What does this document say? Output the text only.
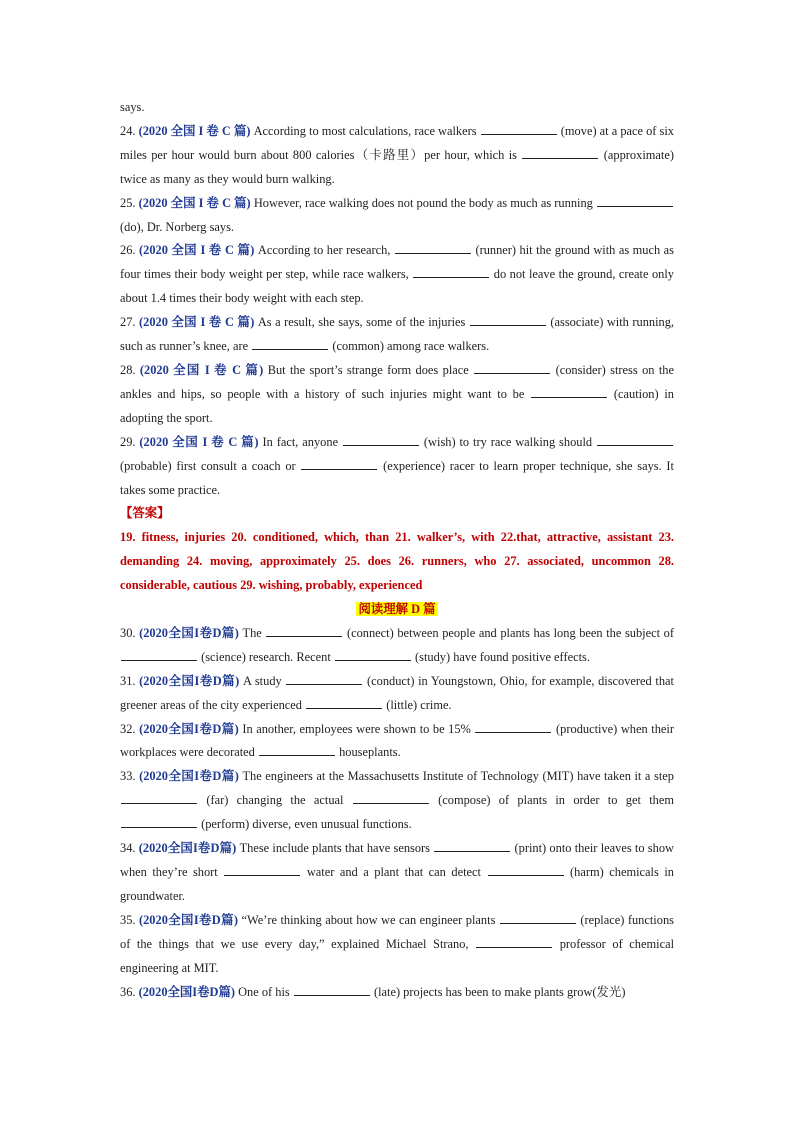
says.

24. (2020 全国 I 卷 C 篇) According to most calculations, race walkers	(move) at a pace of six miles per hour would burn about 800 calories（卡路里）per hour, which is	(approximate) twice as many as they would burn walking.

25. (2020 全国 I 卷 C 篇) However, race walking does not pound the body as much as running  (do), Dr. Norberg says.

26. (2020 全国 I 卷 C 篇) According to her research,	(runner) hit the ground with as much as four times their body weight per step, while race walkers,	do not leave the ground, create only about 1.4 times their body weight with each step.

27. (2020 全国 I 卷 C 篇) As a result, she says, some of the injuries	(associate) with running, such as runner’s knee, are	(common) among race walkers.

28. (2020 全国 I 卷 C 篇) But the sport’s strange form does place	(consider) stress on the ankles and hips, so people with a history of such injuries might want to be	(caution) in adopting the sport.

29. (2020 全国 I 卷 C 篇) In fact, anyone	(wish) to try race walking should  (probable) first consult a coach or	(experience) racer to learn proper technique, she says. It takes some practice.

【答案】

19. fitness, injuries 20. conditioned, which, than 21. walker’s, with 22.that, attractive, assistant 23. demanding 24. moving, approximately 25. does 26. runners, who 27. associated, uncommon 28. considerable, cautious 29. wishing, probably, experienced

阅读理解 D 篇

30. (2020全国I卷D篇) The	(connect) between people and plants has long been the subject of  (science) research. Recent	(study) have found positive effects.

31. (2020全国I卷D篇) A study	(conduct) in Youngstown, Ohio, for example, discovered that greener areas of the city experienced	(little) crime.

32. (2020全国I卷D篇) In another, employees were shown to be 15%	(productive) when their workplaces were decorated	houseplants.

33. (2020全国I卷D篇) The engineers at the Massachusetts Institute of Technology (MIT) have taken it a step  (far) changing the actual	(compose) of plants in order to get them  (perform) diverse, even unusual functions.

34. (2020全国I卷D篇) These include plants that have sensors	(print) onto their leaves to show when they’re short	water and a plant that can detect	(harm) chemicals in groundwater.

35. (2020全国I卷D篇) “We’re thinking about how we can engineer plants	(replace) functions of the things that we use every day,” explained Michael Strano,	professor of chemical engineering at MIT.

36. (2020全国I卷D篇) One of his	(late) projects has been to make plants grow(发光)
